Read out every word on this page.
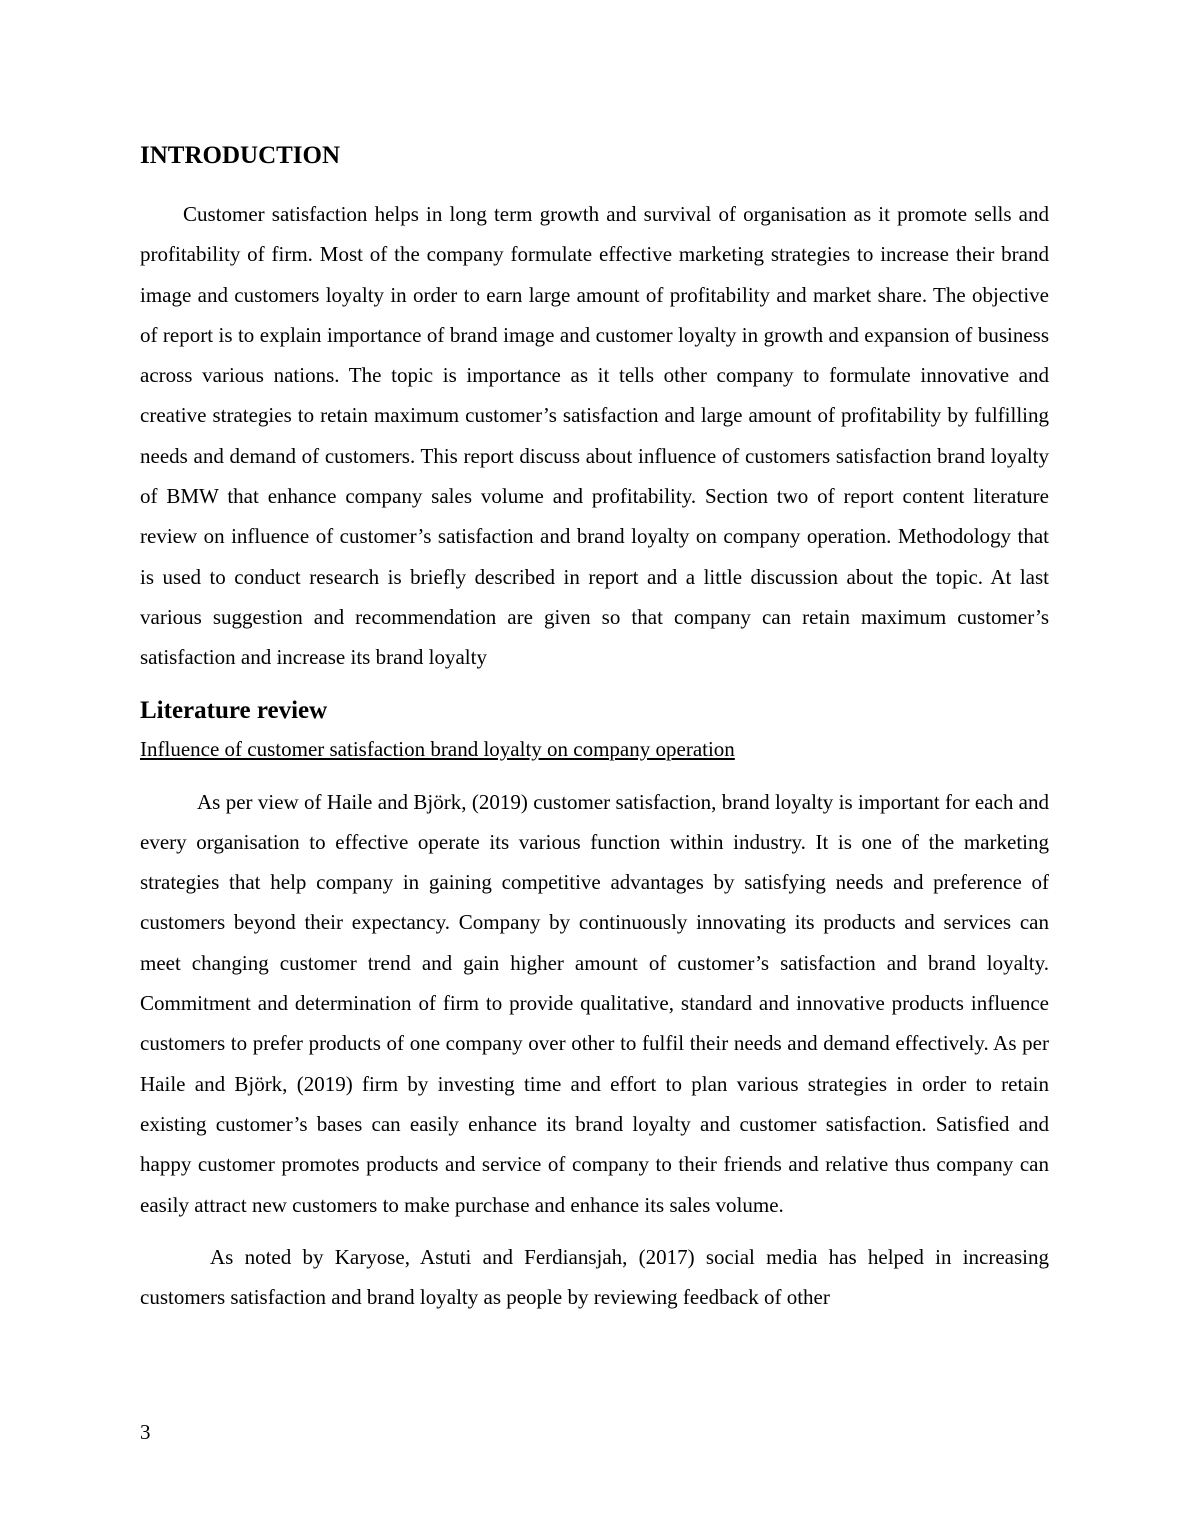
INTRODUCTION

Customer satisfaction helps in long term growth and survival of organisation as it promote sells and profitability of firm. Most of the company formulate effective marketing strategies to increase their brand image and customers loyalty in order to earn large amount of profitability and market share. The objective of report is to explain importance of brand image and customer loyalty in growth and expansion of business across various nations. The topic is importance as it tells other company to formulate innovative and creative strategies to retain maximum customer’s satisfaction and large amount of profitability by fulfilling needs and demand of customers. This report discuss about influence of customers satisfaction brand loyalty of BMW that enhance company sales volume and profitability. Section two of report content literature review on influence of customer’s satisfaction and brand loyalty on company operation. Methodology that is used to conduct research is briefly described in report and a little discussion about the topic. At last various suggestion and recommendation are given so that company can retain maximum customer’s satisfaction and increase its brand loyalty

Literature review
Influence of customer satisfaction brand loyalty on company operation

As per view of Haile and Björk, (2019) customer satisfaction, brand loyalty is important for each and every organisation to effective operate its various function within industry. It is one of the marketing strategies that help company in gaining competitive advantages by satisfying needs and preference of customers beyond their expectancy. Company by continuously innovating its products and services can meet changing customer trend and gain higher amount of customer’s satisfaction and brand loyalty. Commitment and determination of firm to provide qualitative, standard and innovative products influence customers to prefer products of one company over other to fulfil their needs and demand effectively. As per Haile and Björk, (2019) firm by investing time and effort to plan various strategies in order to retain existing customer’s bases can easily enhance its brand loyalty and customer satisfaction. Satisfied and happy customer promotes products and service of company to their friends and relative thus company can easily attract new customers to make purchase and enhance its sales volume.

As noted by Karyose, Astuti and Ferdiansjah, (2017) social media has helped in increasing customers satisfaction and brand loyalty as people by reviewing feedback of other

3
